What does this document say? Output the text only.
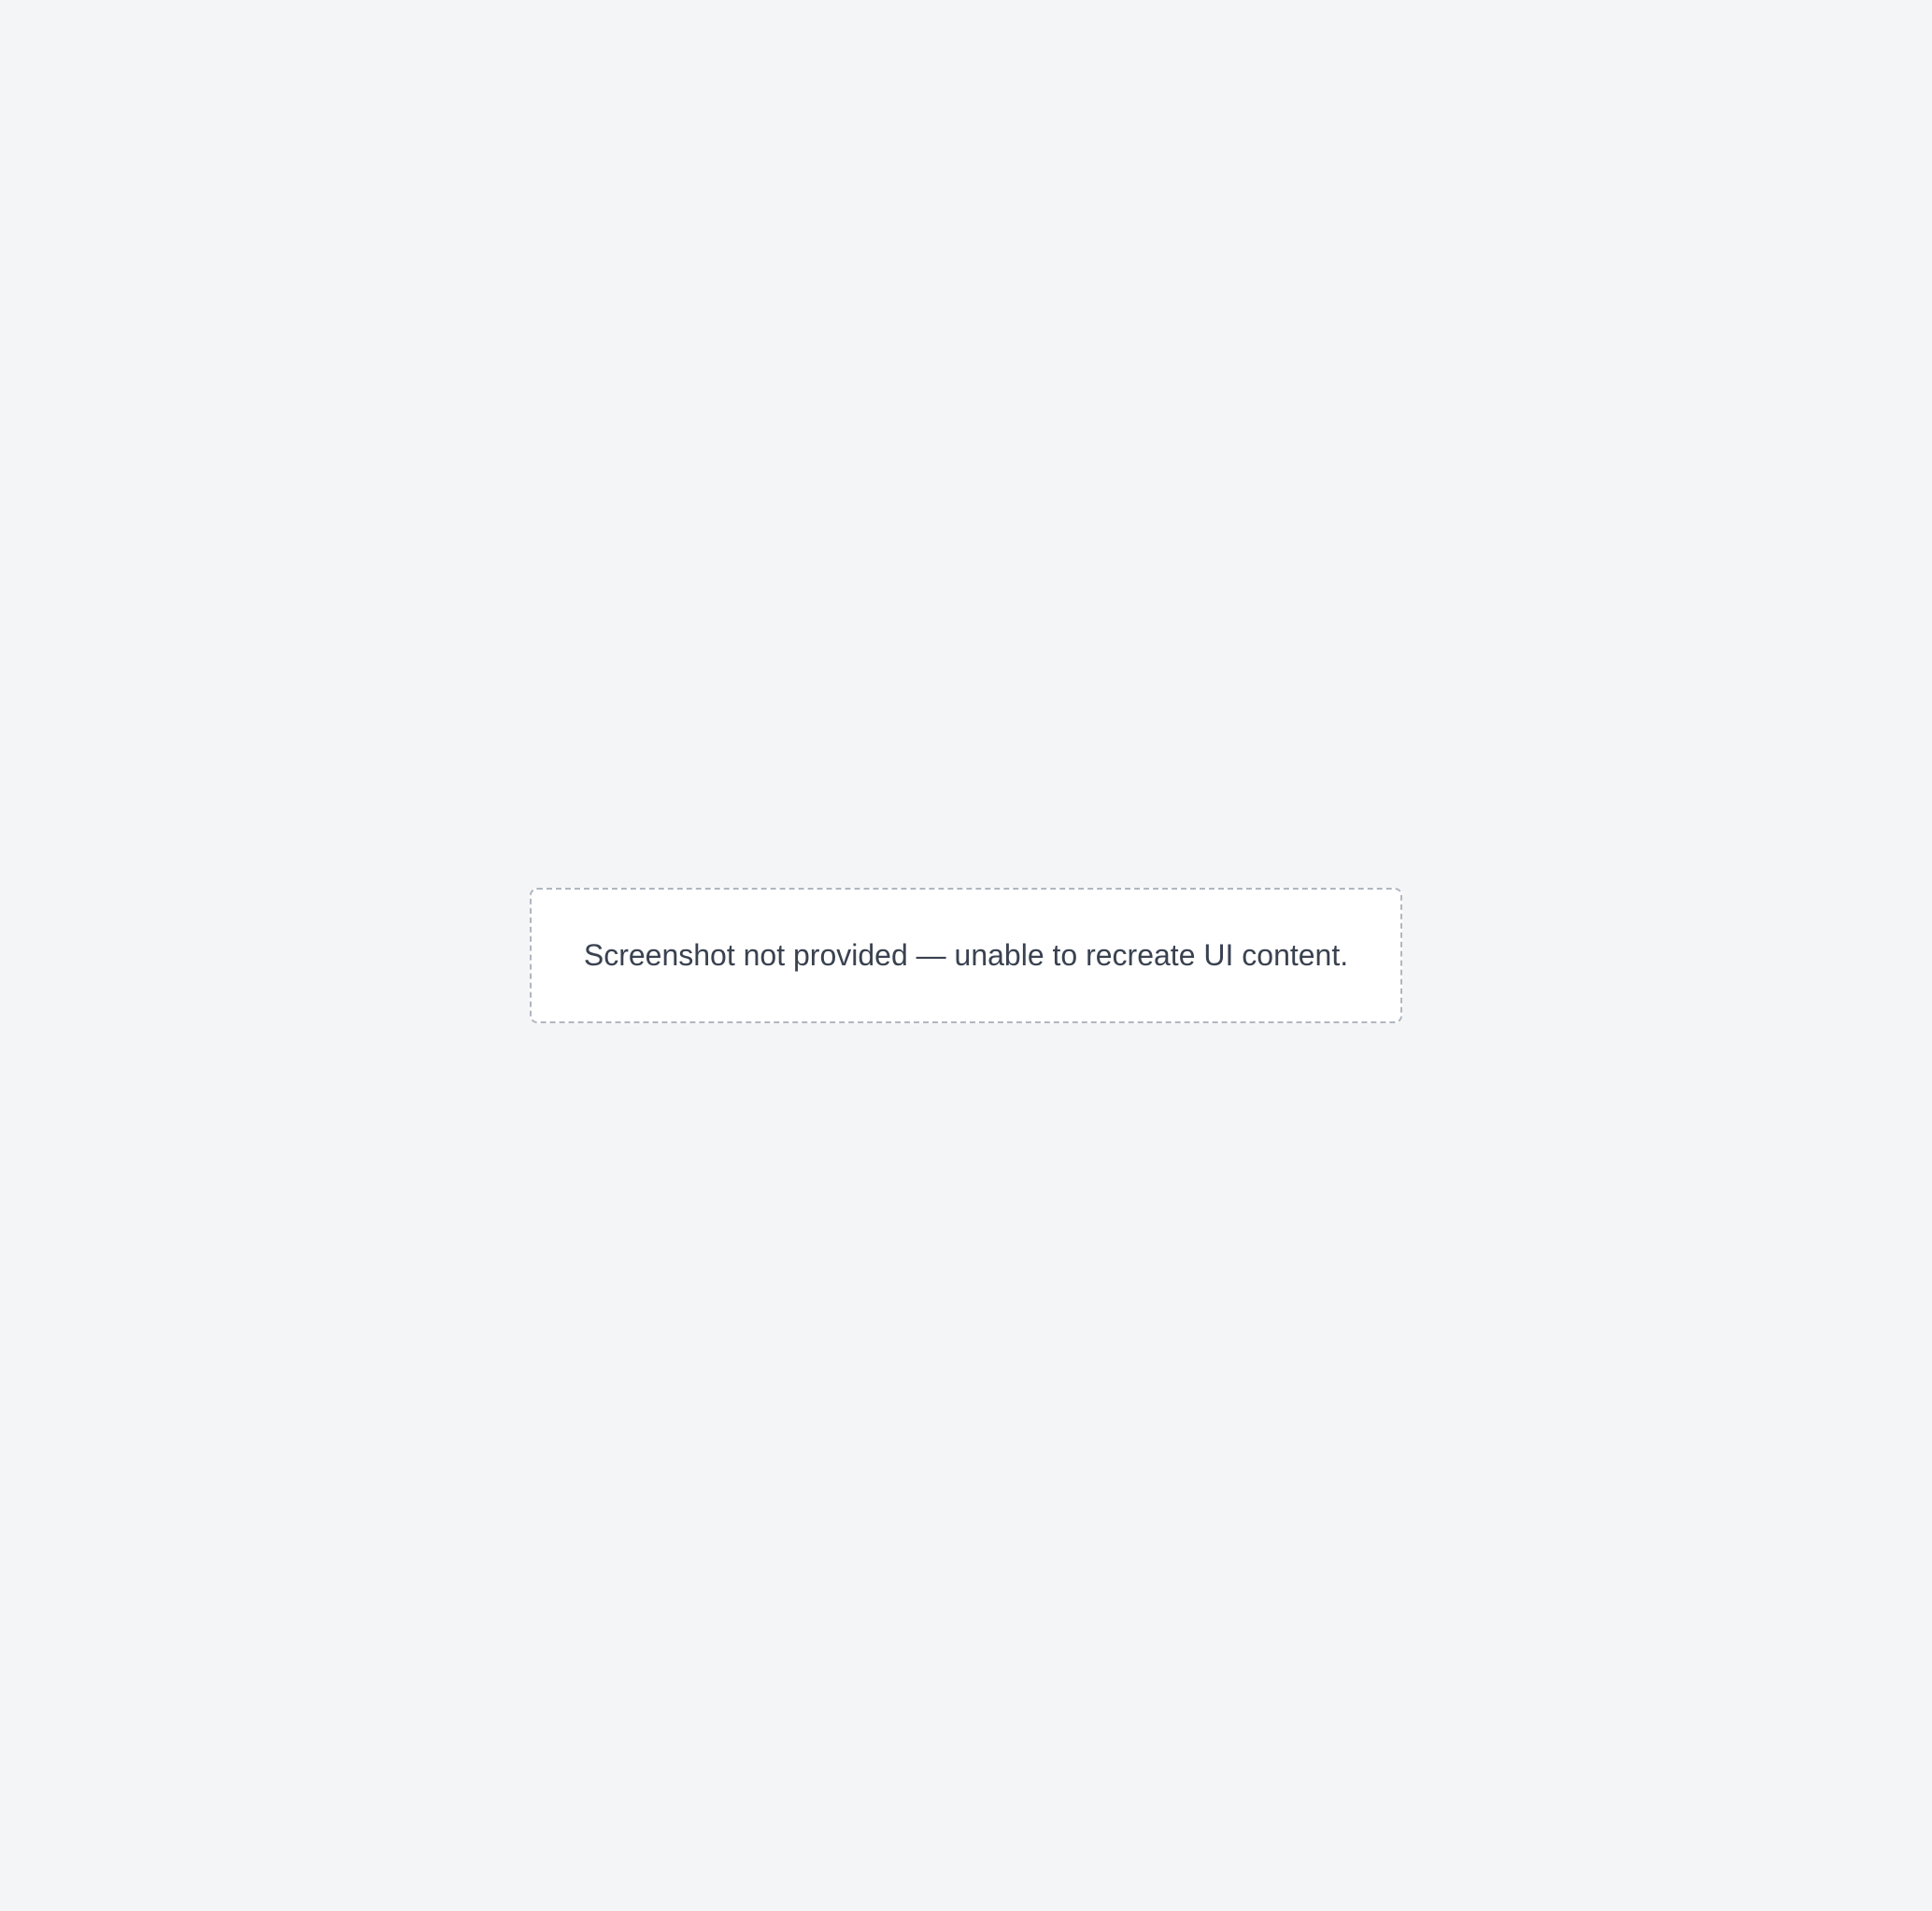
Screenshot not provided — unable to recreate UI content.
